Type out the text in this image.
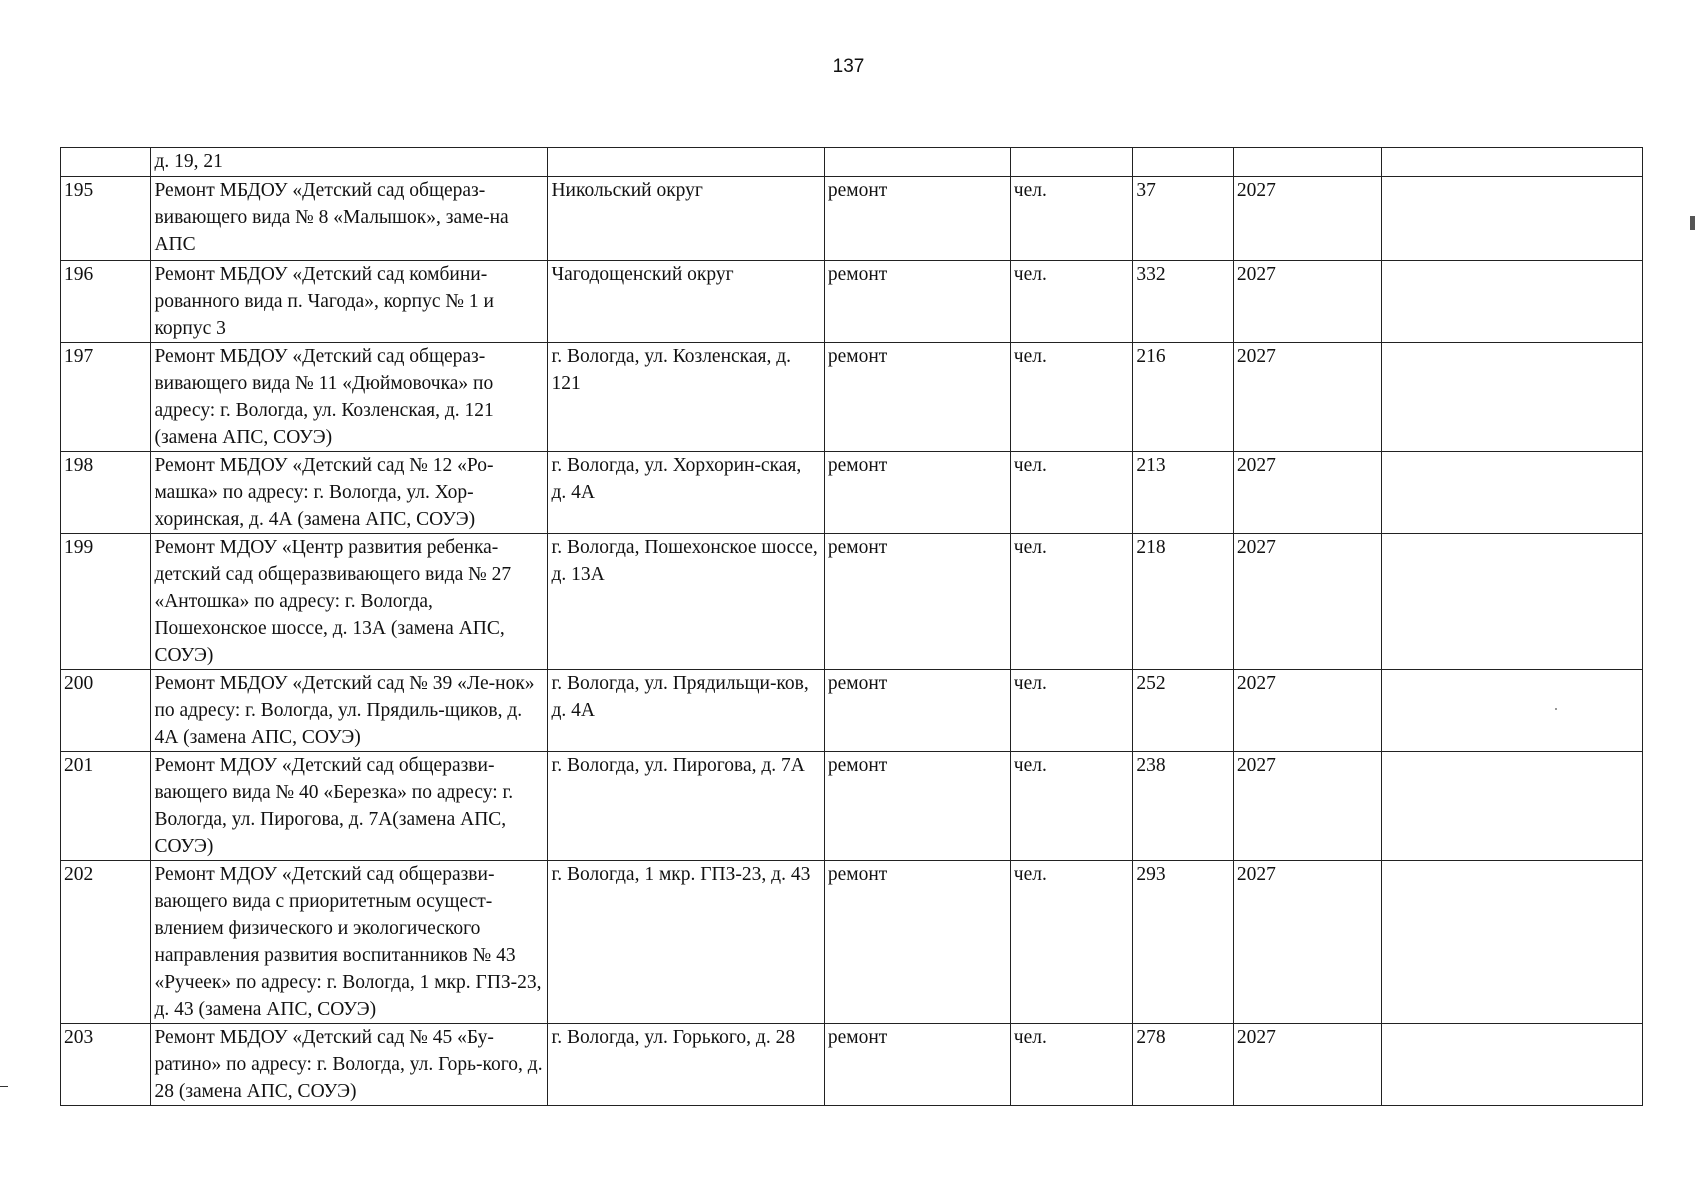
137
	д. 19, 21						
195	Ремонт МБДОУ «Детский сад общераз-вивающего вида № 8 «Малышок», заме-на АПС	Никольский округ	ремонт	чел.	37	2027	
196	Ремонт МБДОУ «Детский сад комбини-рованного вида п. Чагода», корпус № 1 и корпус 3	Чагодощенский округ	ремонт	чел.	332	2027	
197	Ремонт МБДОУ «Детский сад общераз-вивающего вида № 11 «Дюймовочка» по адресу: г. Вологда, ул. Козленская, д. 121 (замена АПС, СОУЭ)	г. Вологда, ул. Козленская, д. 121	ремонт	чел.	216	2027	
198	Ремонт МБДОУ «Детский сад № 12 «Ро-машка» по адресу: г. Вологда, ул. Хор-хоринская, д. 4А (замена АПС, СОУЭ)	г. Вологда, ул. Хорхорин-ская, д. 4А	ремонт	чел.	213	2027	
199	Ремонт МДОУ «Центр развития ребенка-детский сад общеразвивающего вида № 27 «Антошка» по адресу: г. Вологда, Пошехонское шоссе, д. 13А (замена АПС, СОУЭ)	г. Вологда, Пошехонское шоссе, д. 13А	ремонт	чел.	218	2027	
200	Ремонт МБДОУ «Детский сад № 39 «Ле-нок» по адресу: г. Вологда, ул. Прядиль-щиков, д. 4А (замена АПС, СОУЭ)	г. Вологда, ул. Прядильщи-ков, д. 4А	ремонт	чел.	252	2027	
201	Ремонт МДОУ «Детский сад общеразви-вающего вида № 40 «Березка» по адресу: г. Вологда, ул. Пирогова, д. 7А(замена АПС, СОУЭ)	г. Вологда, ул. Пирогова, д. 7А	ремонт	чел.	238	2027	
202	Ремонт МДОУ «Детский сад общеразви-вающего вида с приоритетным осущест-влением физического и экологического направления развития воспитанников № 43 «Ручеек» по адресу: г. Вологда, 1 мкр. ГПЗ-23, д. 43 (замена АПС, СОУЭ)	г. Вологда, 1 мкр. ГПЗ-23, д. 43	ремонт	чел.	293	2027	
203	Ремонт МБДОУ «Детский сад № 45 «Бу-ратино» по адресу: г. Вологда, ул. Горь-кого, д. 28 (замена АПС, СОУЭ)	г. Вологда, ул. Горького, д. 28	ремонт	чел.	278	2027	
